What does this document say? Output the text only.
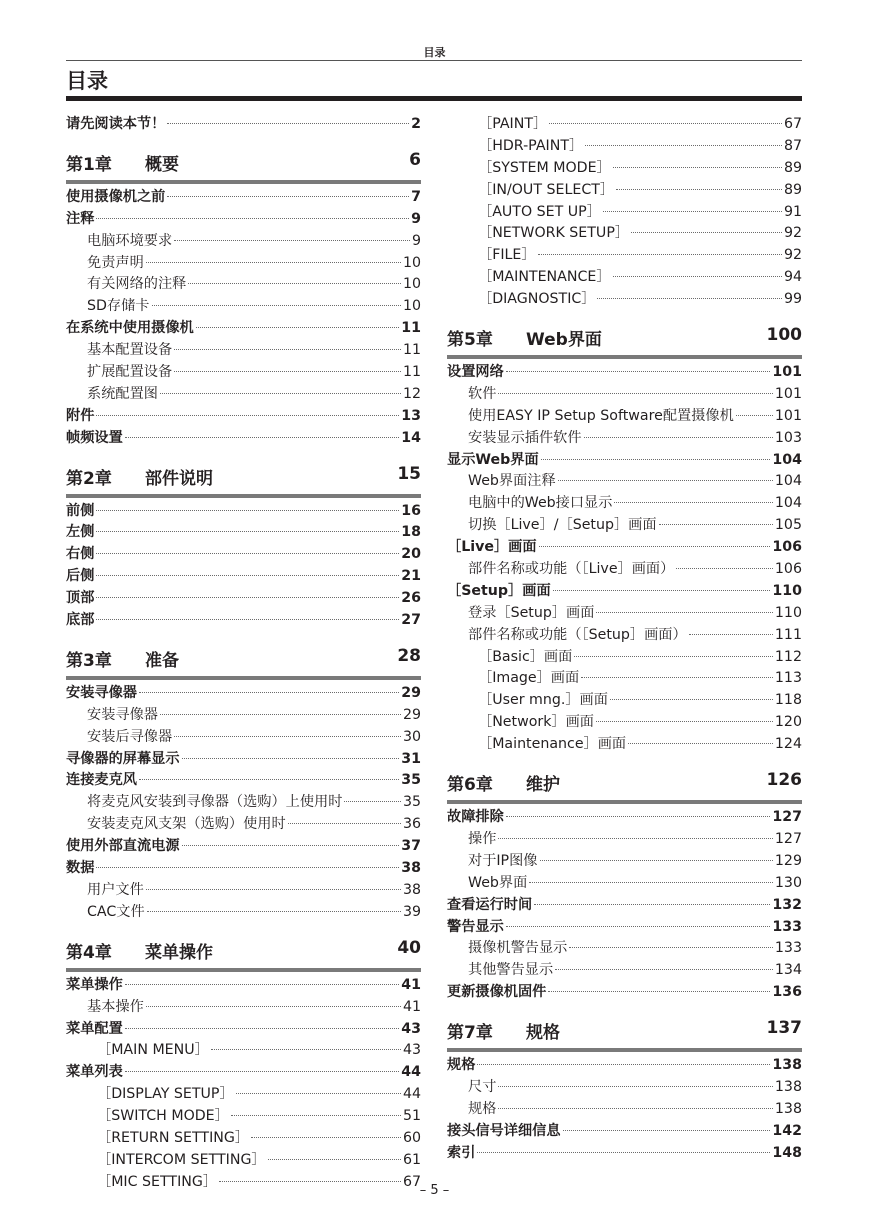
目录
目录
请先阅读本节！	2
第1章 概要	6
使用摄像机之前	7
注释	9
电脑环境要求	9
免责声明	10
有关网络的注释	10
SD存储卡	10
在系统中使用摄像机	11
基本配置设备	11
扩展配置设备	11
系统配置图	12
附件	13
帧频设置	14
第2章 部件说明	15
前侧	16
左侧	18
右侧	20
后侧	21
顶部	26
底部	27
第3章 准备	28
安装寻像器	29
安装寻像器	29
安装后寻像器	30
寻像器的屏幕显示	31
连接麦克风	35
将麦克风安装到寻像器（选购）上使用时	35
安装麦克风支架（选购）使用时	36
使用外部直流电源	37
数据	38
用户文件	38
CAC文件	39
第4章 菜单操作	40
菜单操作	41
基本操作	41
菜单配置	43
［MAIN MENU］	43
菜单列表	44
［DISPLAY SETUP］	44
［SWITCH MODE］	51
［RETURN SETTING］	60
［INTERCOM SETTING］	61
［MIC SETTING］	67
［PAINT］	67
［HDR-PAINT］	87
［SYSTEM MODE］	89
［IN/OUT SELECT］	89
［AUTO SET UP］	91
［NETWORK SETUP］	92
［FILE］	92
［MAINTENANCE］	94
［DIAGNOSTIC］	99
第5章 Web界面	100
设置网络	101
软件	101
使用EASY IP Setup Software配置摄像机	101
安装显示插件软件	103
显示Web界面	104
Web界面注释	104
电脑中的Web接口显示	104
切换［Live］/［Setup］画面	105
［Live］画面	106
部件名称或功能（［Live］画面）	106
［Setup］画面	110
登录［Setup］画面	110
部件名称或功能（［Setup］画面）	111
［Basic］画面	112
［Image］画面	113
［User mng.］画面	118
［Network］画面	120
［Maintenance］画面	124
第6章 维护	126
故障排除	127
操作	127
对于IP图像	129
Web界面	130
查看运行时间	132
警告显示	133
摄像机警告显示	133
其他警告显示	134
更新摄像机固件	136
第7章 规格	137
规格	138
尺寸	138
规格	138
接头信号详细信息	142
索引	148
– 5 –
